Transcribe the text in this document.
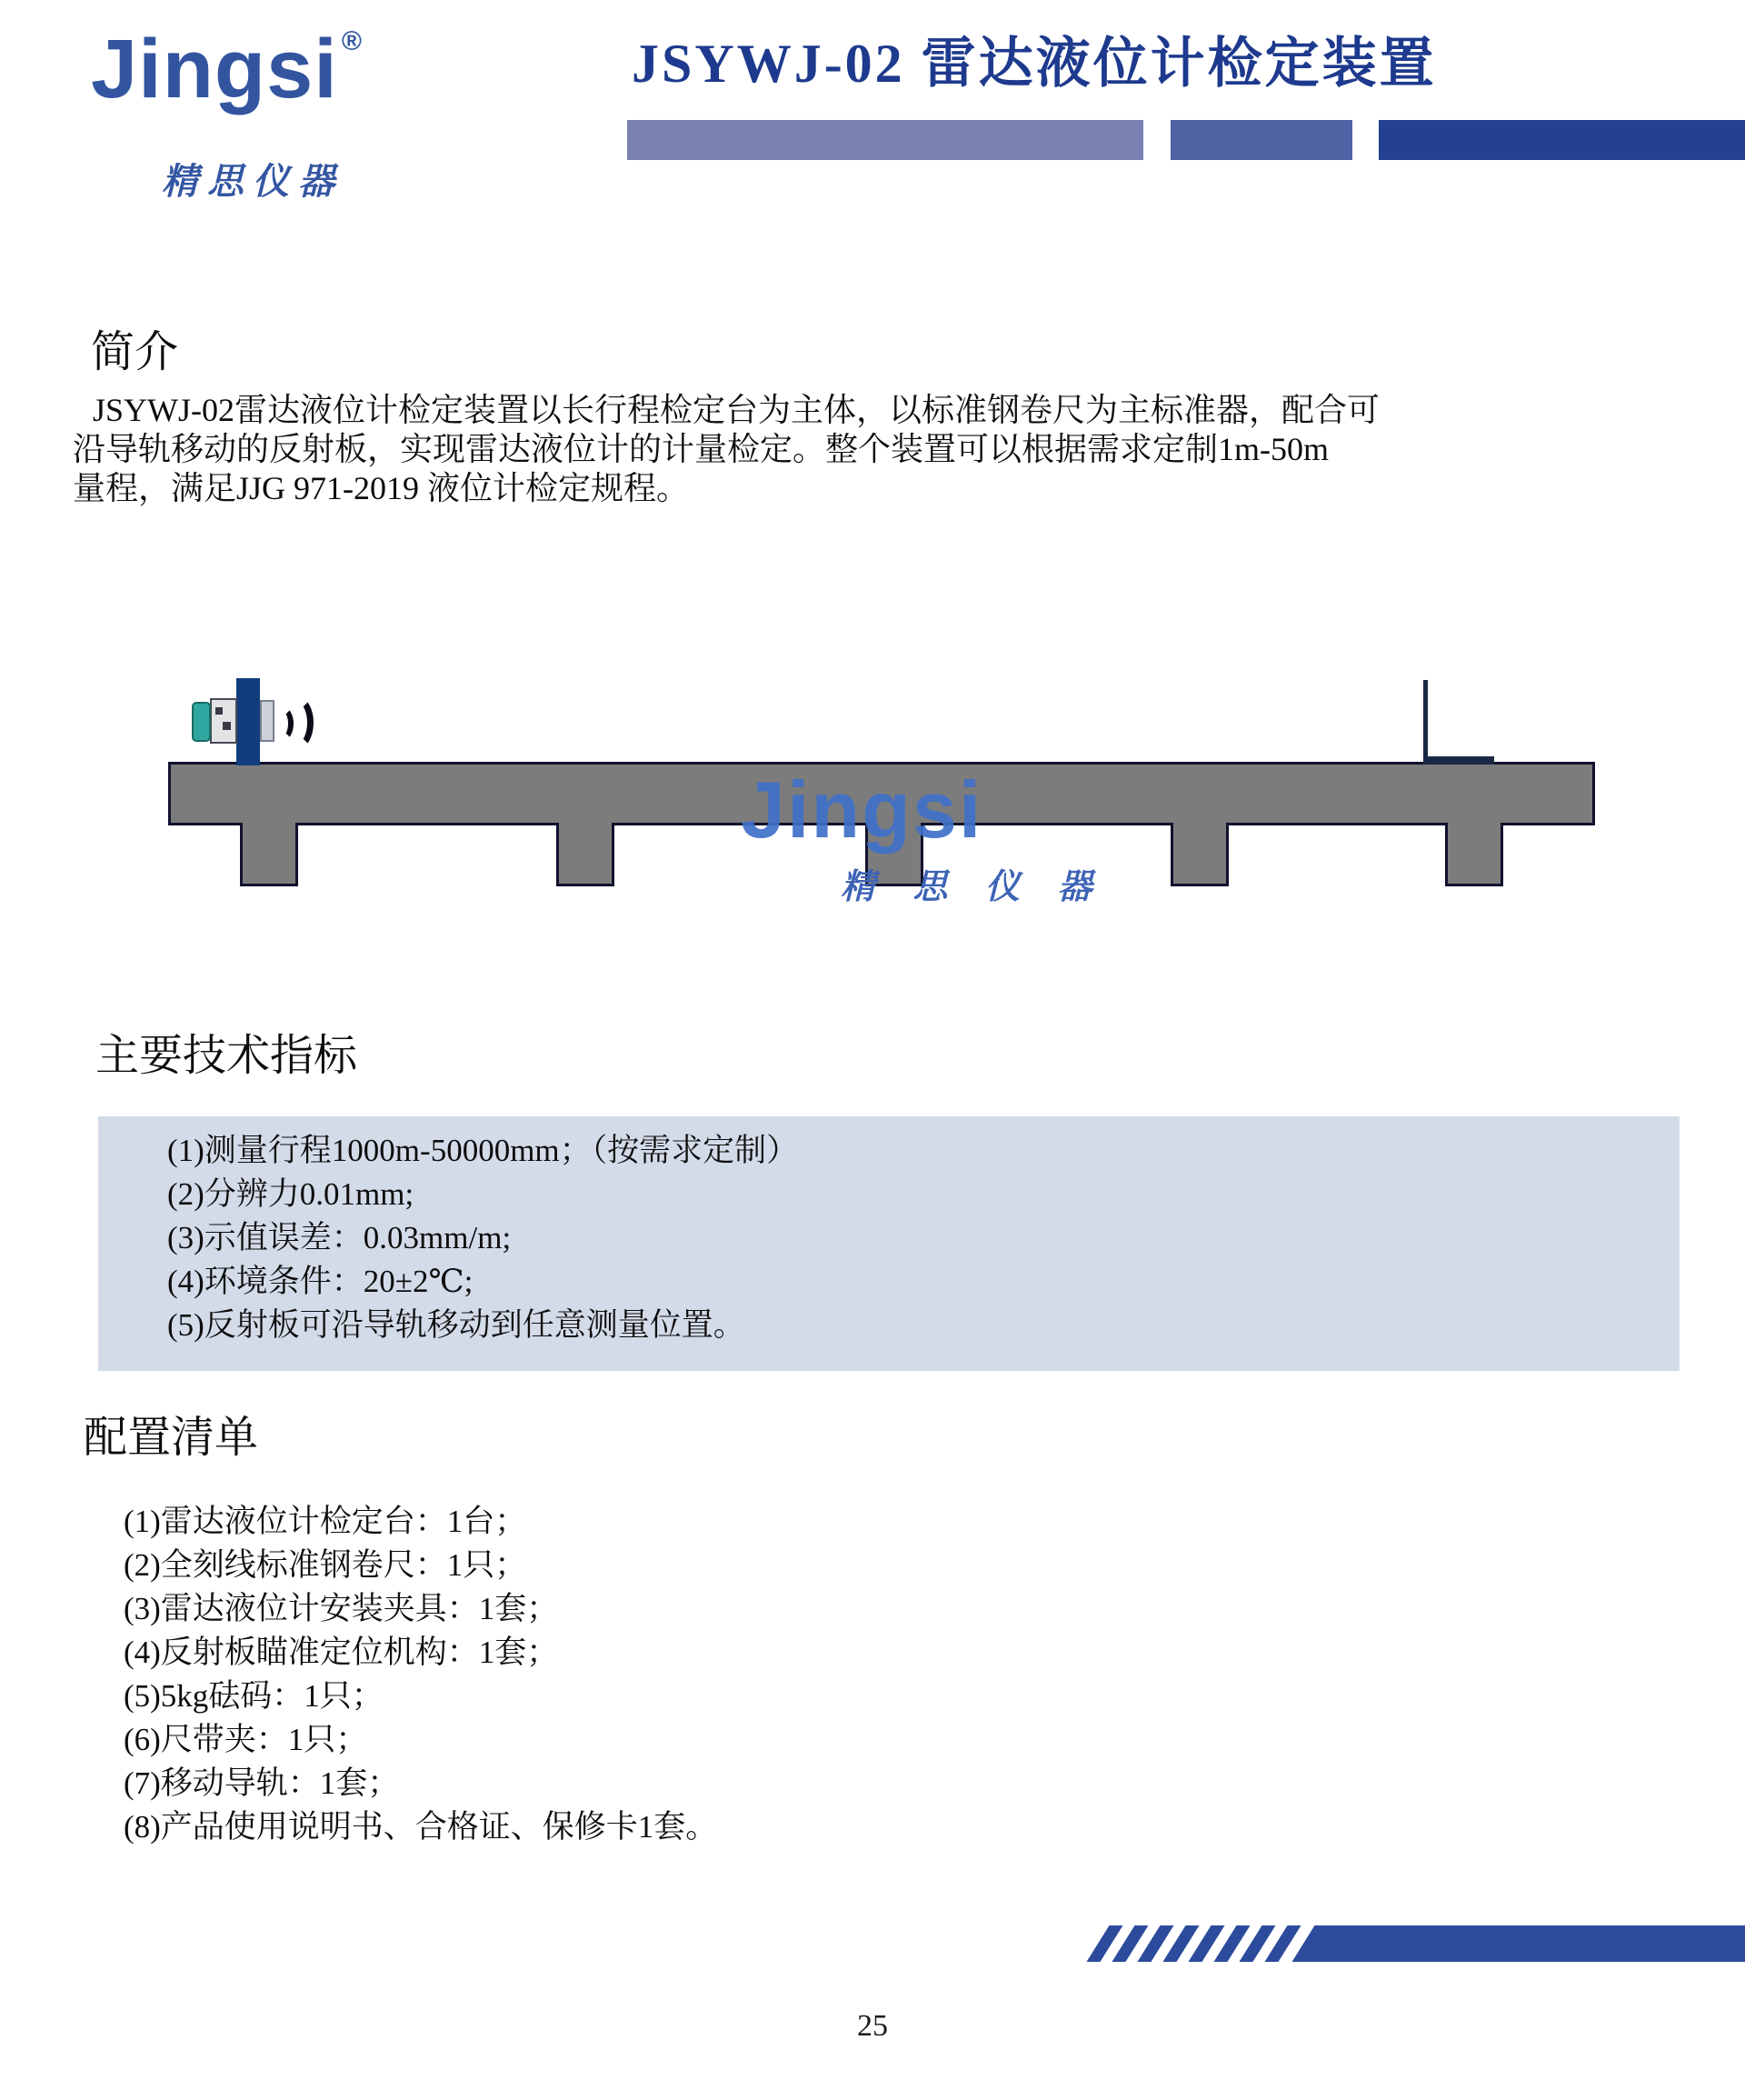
Jingsi ®
精思仪器
JSYWJ-02 雷达液位计检定装置
简介
JSYWJ-02雷达液位计检定装置以长行程检定台为主体，以标准钢卷尺为主标准器，配合可
沿导轨移动的反射板，实现雷达液位计的计量检定。整个装置可以根据需求定制1m-50m
量程，满足JJG 971-2019 液位计检定规程。
Jingsi
精 思 仪 器
主要技术指标
(1)测量行程1000m-50000mm；（按需求定制）
(2)分辨力0.01mm;
(3)示值误差：0.03mm/m;
(4)环境条件：20±2℃;
(5)反射板可沿导轨移动到任意测量位置。
配置清单
(1)雷达液位计检定台：1台；
(2)全刻线标准钢卷尺：1只；
(3)雷达液位计安装夹具：1套；
(4)反射板瞄准定位机构：1套；
(5)5kg砝码：1只；
(6)尺带夹：1只；
(7)移动导轨：1套；
(8)产品使用说明书、合格证、保修卡1套。
25
